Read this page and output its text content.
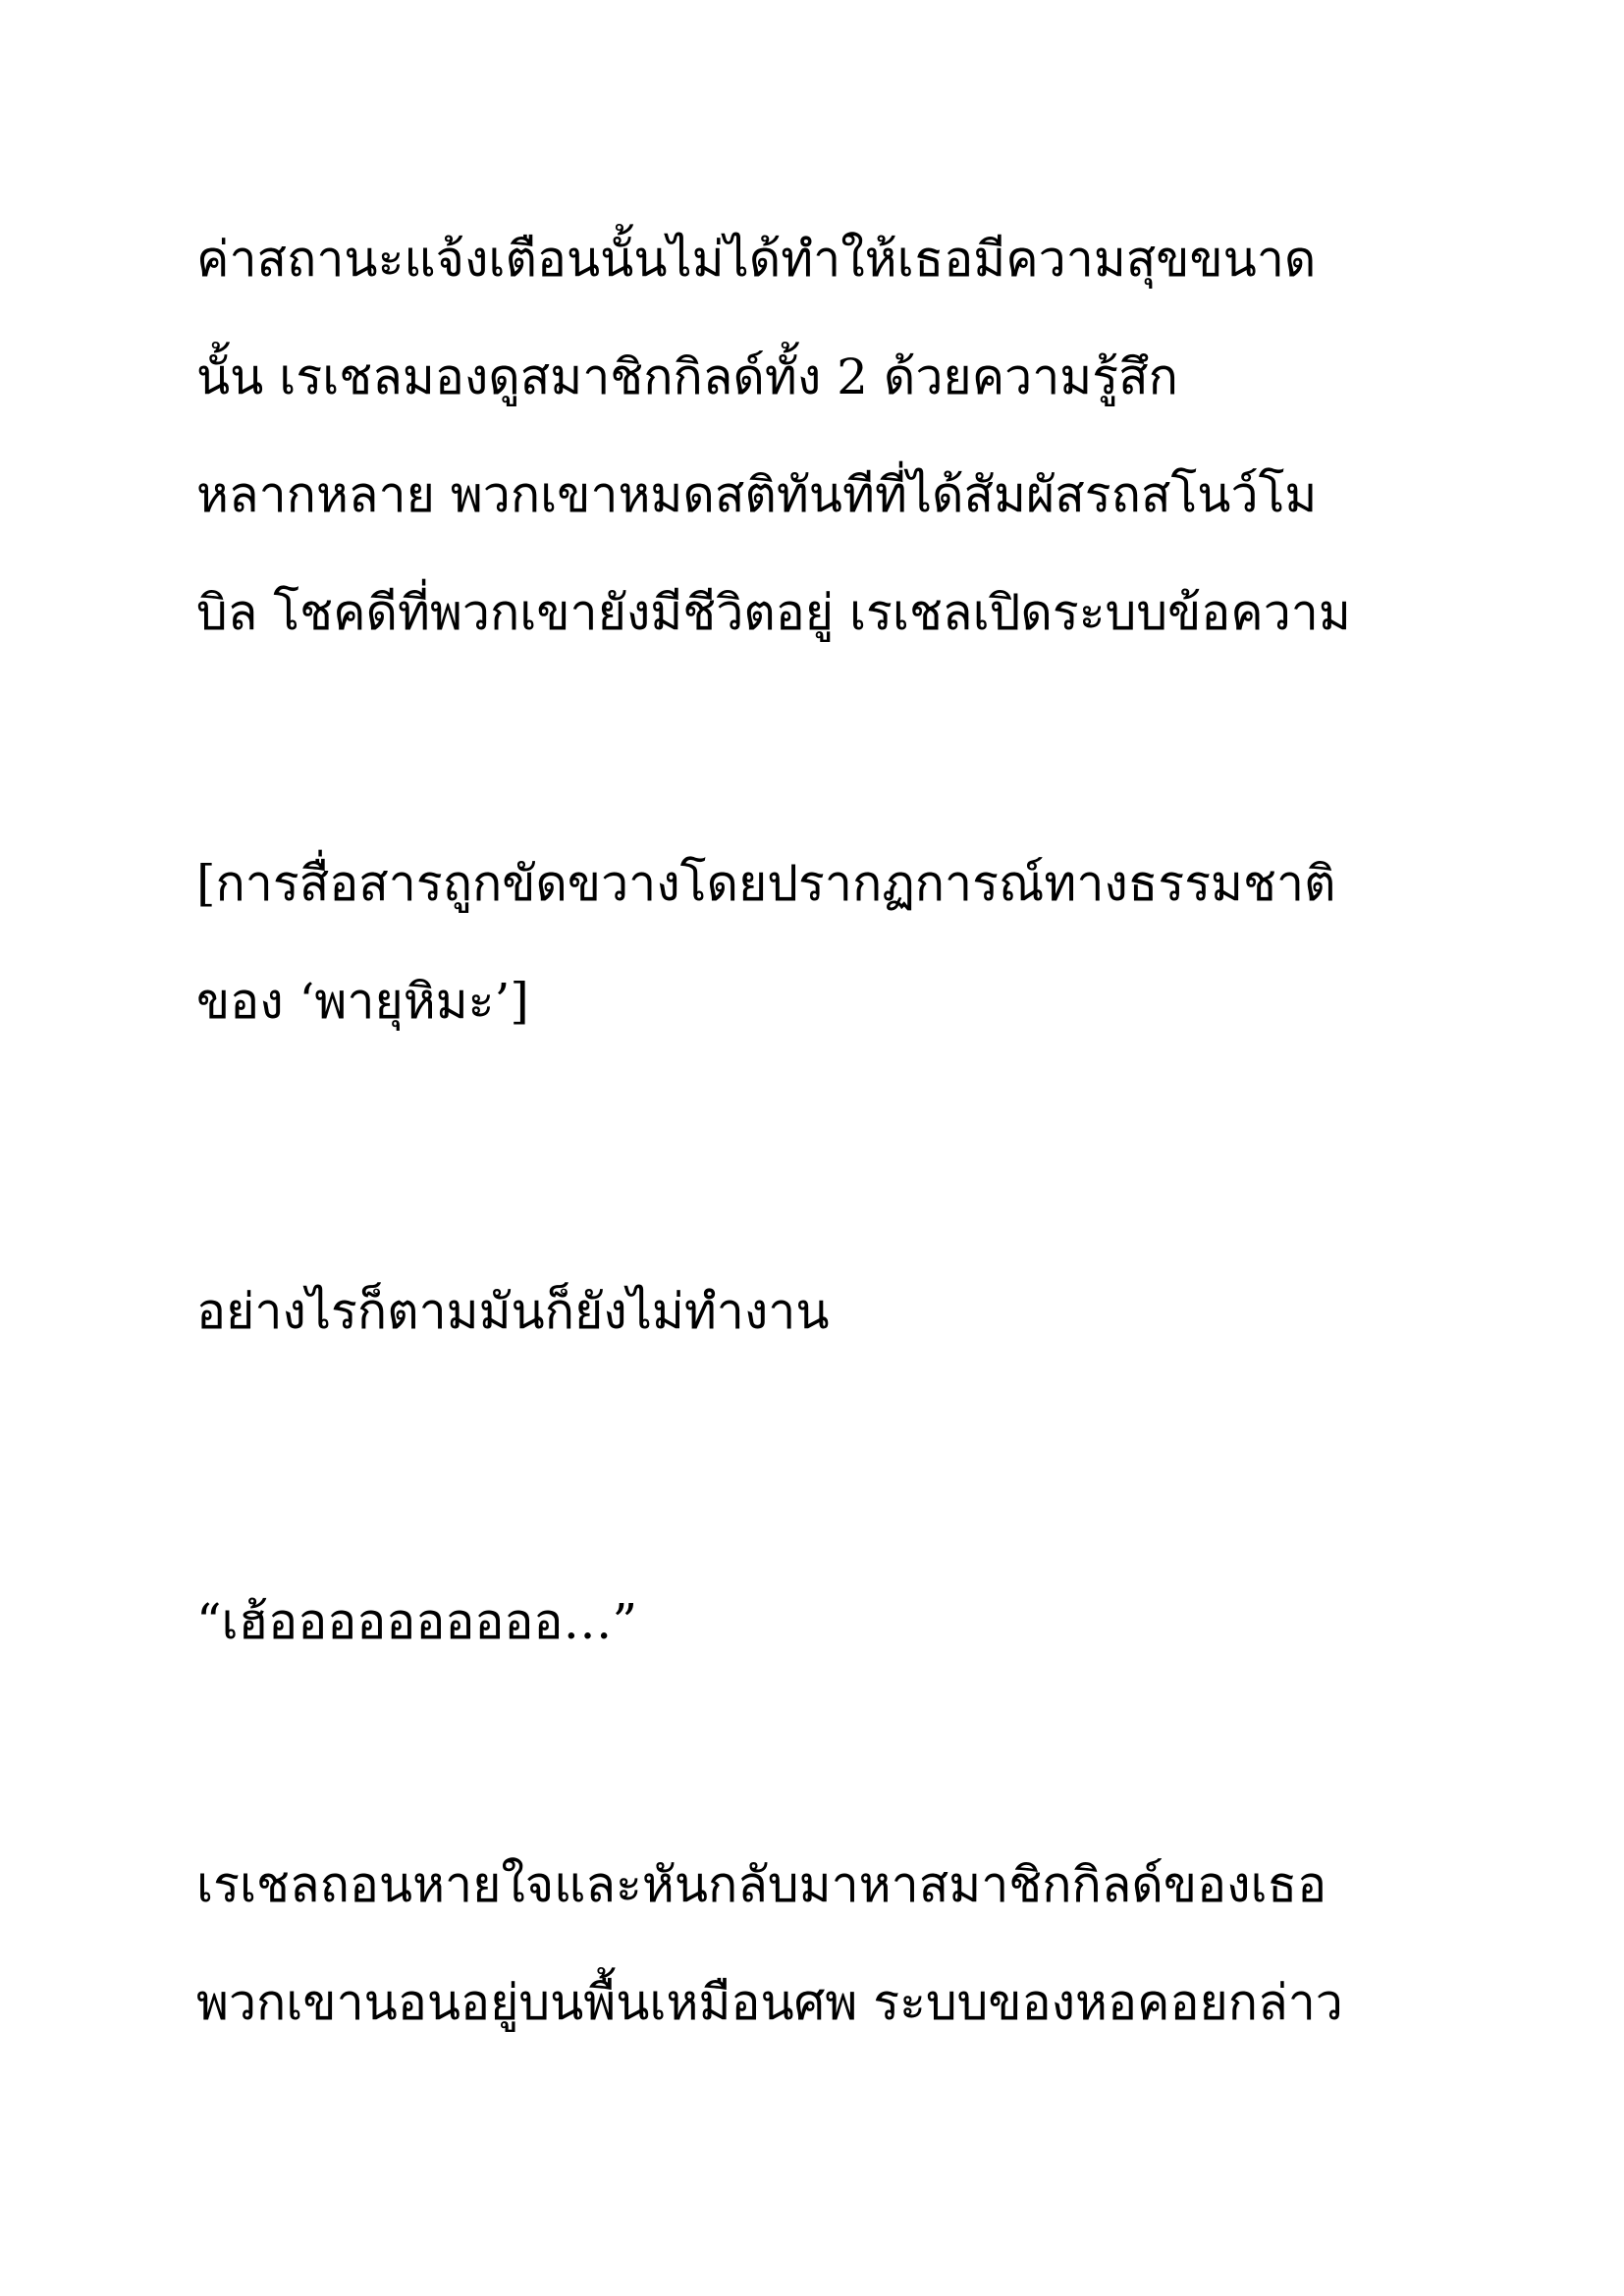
ค่าสถานะแจ้งเตือนนั้นไม่ได้ทำให้เธอมีความสุขขนาด
นั้น เรเชลมองดูสมาชิกกิลด์ทั้ง 2 ด้วยความรู้สึก
หลากหลาย พวกเขาหมดสติทันทีที่ได้สัมผัสรถสโนว์โม
บิล โชคดีที่พวกเขายังมีชีวิตอยู่ เรเชลเปิดระบบข้อความ

[การสื่อสารถูกขัดขวางโดยปรากฏการณ์ทางธรรมชาติ
ของ ‘พายุหิมะ’]

อย่างไรก็ตามมันก็ยังไม่ทำงาน

“เฮ้ออออออออออ…”

เรเชลถอนหายใจและหันกลับมาหาสมาชิกกิลด์ของเธอ
พวกเขานอนอยู่บนพื้นเหมือนศพ ระบบของหอคอยกล่าว
